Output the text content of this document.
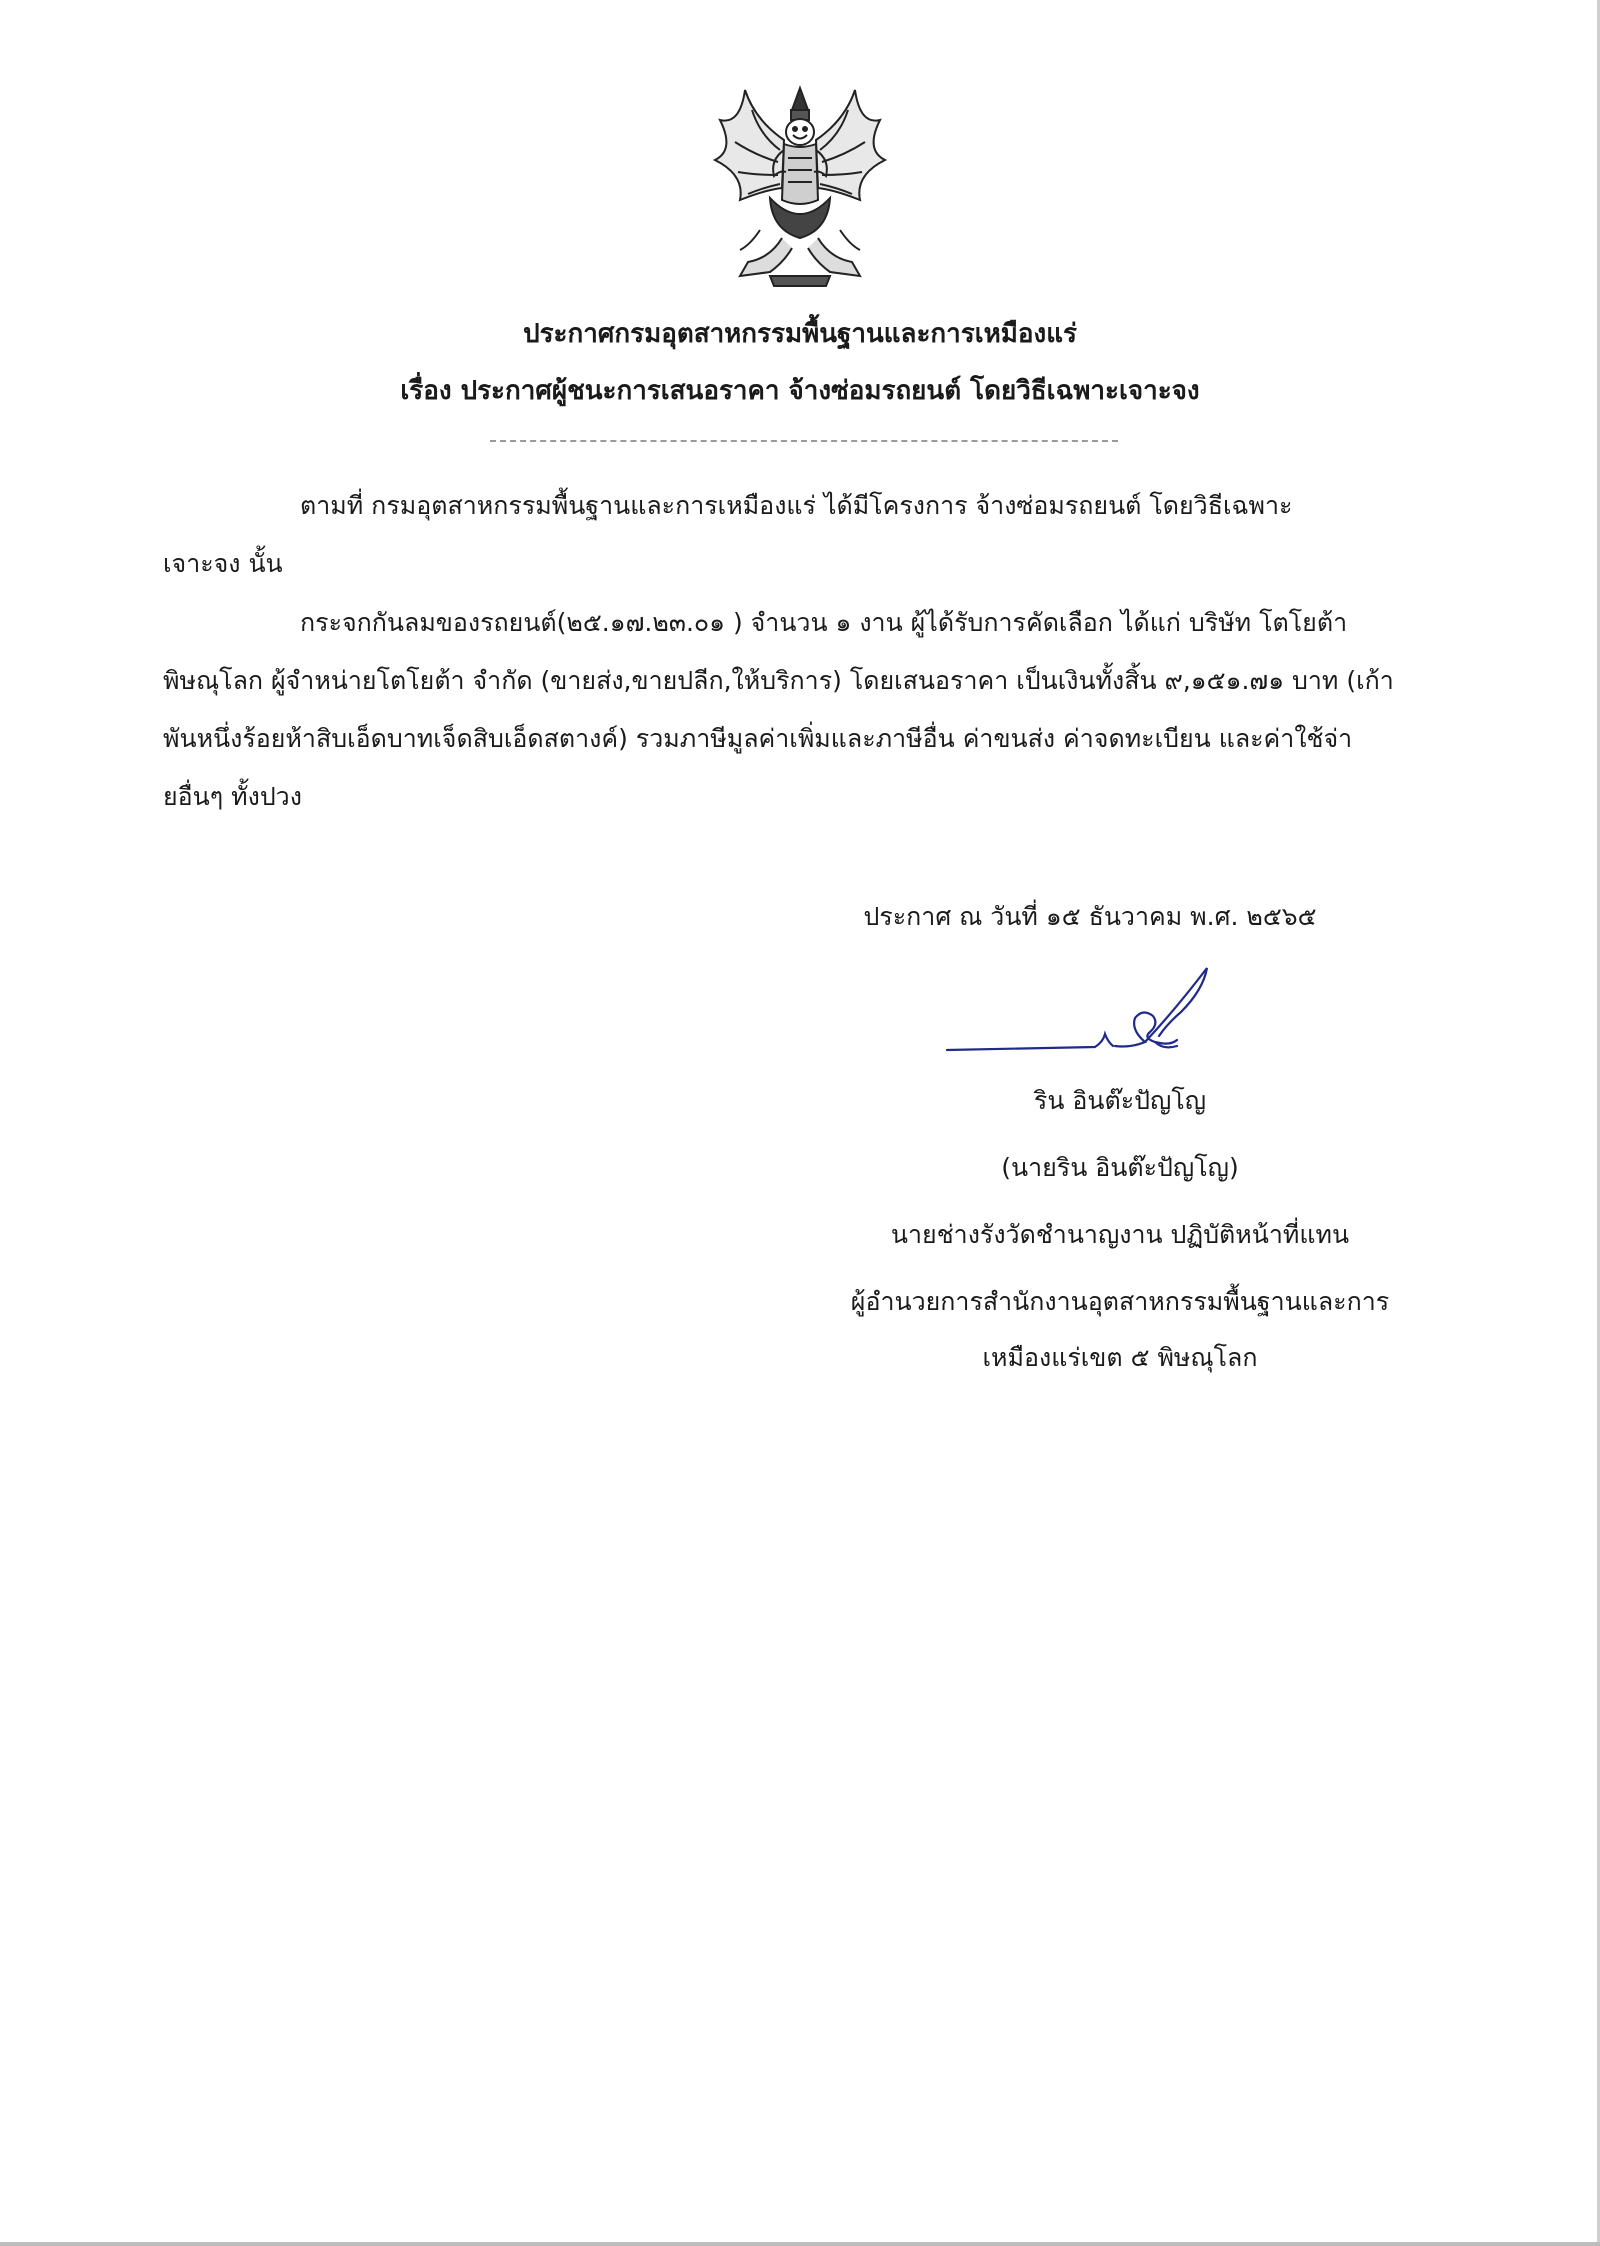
ประกาศกรมอุตสาหกรรมพื้นฐานและการเหมืองแร่
เรื่อง ประกาศผู้ชนะการเสนอราคา จ้างซ่อมรถยนต์ โดยวิธีเฉพาะเจาะจง
ตามที่ กรมอุตสาหกรรมพื้นฐานและการเหมืองแร่ ได้มีโครงการ จ้างซ่อมรถยนต์ โดยวิธีเฉพาะ
เจาะจง นั้น
กระจกกันลมของรถยนต์(๒๕.๑๗.๒๓.๐๑ ) จำนวน ๑ งาน ผู้ได้รับการคัดเลือก ได้แก่ บริษัท โตโยต้า
พิษณุโลก ผู้จำหน่ายโตโยต้า จำกัด (ขายส่ง,ขายปลีก,ให้บริการ) โดยเสนอราคา เป็นเงินทั้งสิ้น ๙,๑๕๑.๗๑ บาท (เก้า
พันหนึ่งร้อยห้าสิบเอ็ดบาทเจ็ดสิบเอ็ดสตางค์) รวมภาษีมูลค่าเพิ่มและภาษีอื่น ค่าขนส่ง ค่าจดทะเบียน และค่าใช้จ่า
ยอื่นๆ ทั้งปวง
ประกาศ ณ วันที่ ๑๕ ธันวาคม พ.ศ. ๒๕๖๕
ริน อินต๊ะปัญโญ
(นายริน อินต๊ะปัญโญ)
นายช่างรังวัดชำนาญงาน ปฏิบัติหน้าที่แทน
ผู้อำนวยการสำนักงานอุตสาหกรรมพื้นฐานและการ
เหมืองแร่เขต ๕ พิษณุโลก
